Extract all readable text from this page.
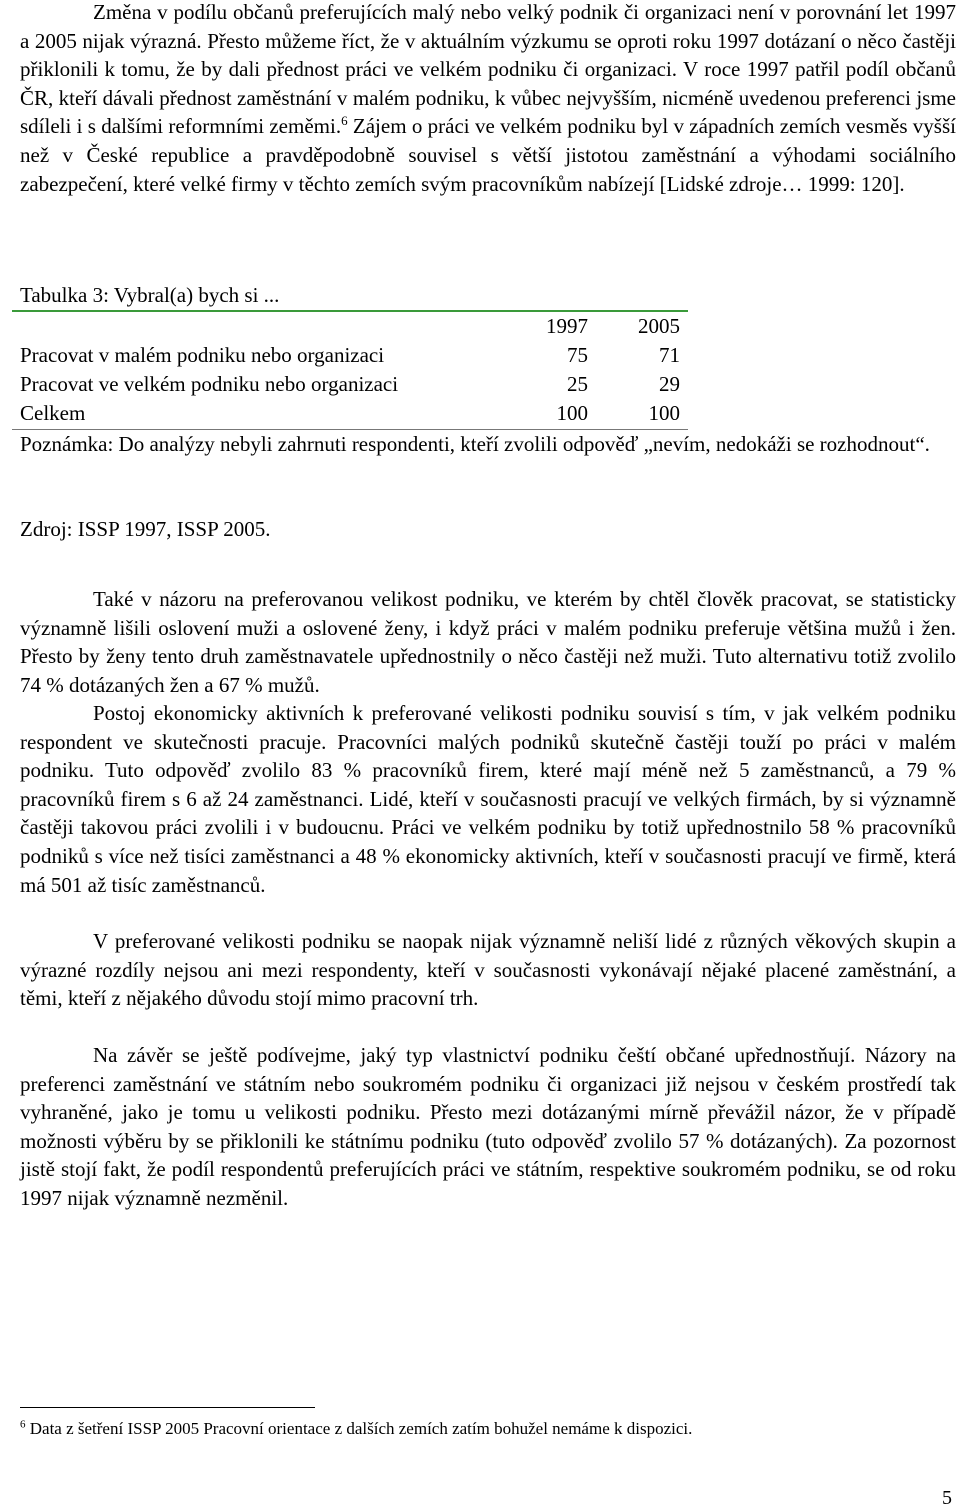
Změna v podílu občanů preferujících malý nebo velký podnik či organizaci není v porovnání let 1997 a 2005 nijak výrazná. Přesto můžeme říct, že v aktuálním výzkumu se oproti roku 1997 dotázaní o něco častěji přiklonili k tomu, že by dali přednost práci ve velkém podniku či organizaci. V roce 1997 patřil podíl občanů ČR, kteří dávali přednost zaměstnání v malém podniku, k vůbec nejvyšším, nicméně uvedenou preferenci jsme sdíleli i s dalšími reformními zeměmi.$^6$ Zájem o práci ve velkém podniku byl v západních zemích vesměs vyšší než v České republice a pravděpodobně souvisel s větší jistotou zaměstnání a výhodami sociálního zabezpečení, které velké firmy v těchto zemích svým pracovníkům nabízejí [Lidské zdroje… 1999: 120].

Tabulka 3: Vybral(a) bych si ...

	1997	2005
Pracovat v malém podniku nebo organizaci	75	71
Pracovat ve velkém podniku nebo organizaci	25	29
Celkem	100	100

Poznámka: Do analýzy nebyli zahrnuti respondenti, kteří zvolili odpověď „nevím, nedokáži se rozhodnout“.

Zdroj: ISSP 1997, ISSP 2005.

Také v názoru na preferovanou velikost podniku, ve kterém by chtěl člověk pracovat, se statisticky významně lišili oslovení muži a oslovené ženy, i když práci v malém podniku preferuje většina mužů i žen. Přesto by ženy tento druh zaměstnavatele upřednostnily o něco častěji než muži. Tuto alternativu totiž zvolilo 74 % dotázaných žen a 67 % mužů.

Postoj ekonomicky aktivních k preferované velikosti podniku souvisí s tím, v jak velkém podniku respondent ve skutečnosti pracuje. Pracovníci malých podniků skutečně častěji touží po práci v malém podniku. Tuto odpověď zvolilo 83 % pracovníků firem, které mají méně než 5 zaměstnanců, a 79 % pracovníků firem s 6 až 24 zaměstnanci. Lidé, kteří v současnosti pracují ve velkých firmách, by si významně častěji takovou práci zvolili i v budoucnu. Práci ve velkém podniku by totiž upřednostnilo 58 % pracovníků podniků s více než tisíci zaměstnanci a 48 % ekonomicky aktivních, kteří v současnosti pracují ve firmě, která má 501 až tisíc zaměstnanců.

V preferované velikosti podniku se naopak nijak významně neliší lidé z různých věkových skupin a výrazné rozdíly nejsou ani mezi respondenty, kteří v současnosti vykonávají nějaké placené zaměstnání, a těmi, kteří z nějakého důvodu stojí mimo pracovní trh.

Na závěr se ještě podívejme, jaký typ vlastnictví podniku čeští občané upřednostňují. Názory na preferenci zaměstnání ve státním nebo soukromém podniku či organizaci již nejsou v českém prostředí tak vyhraněné, jako je tomu u velikosti podniku. Přesto mezi dotázanými mírně převážil názor, že v případě možnosti výběru by se přiklonili ke státnímu podniku (tuto odpověď zvolilo 57 % dotázaných). Za pozornost jistě stojí fakt, že podíl respondentů preferujících práci ve státním, respektive soukromém podniku, se od roku 1997 nijak významně nezměnil.

$^6$ Data z šetření ISSP 2005 Pracovní orientace z dalších zemích zatím bohužel nemáme k dispozici.

5
